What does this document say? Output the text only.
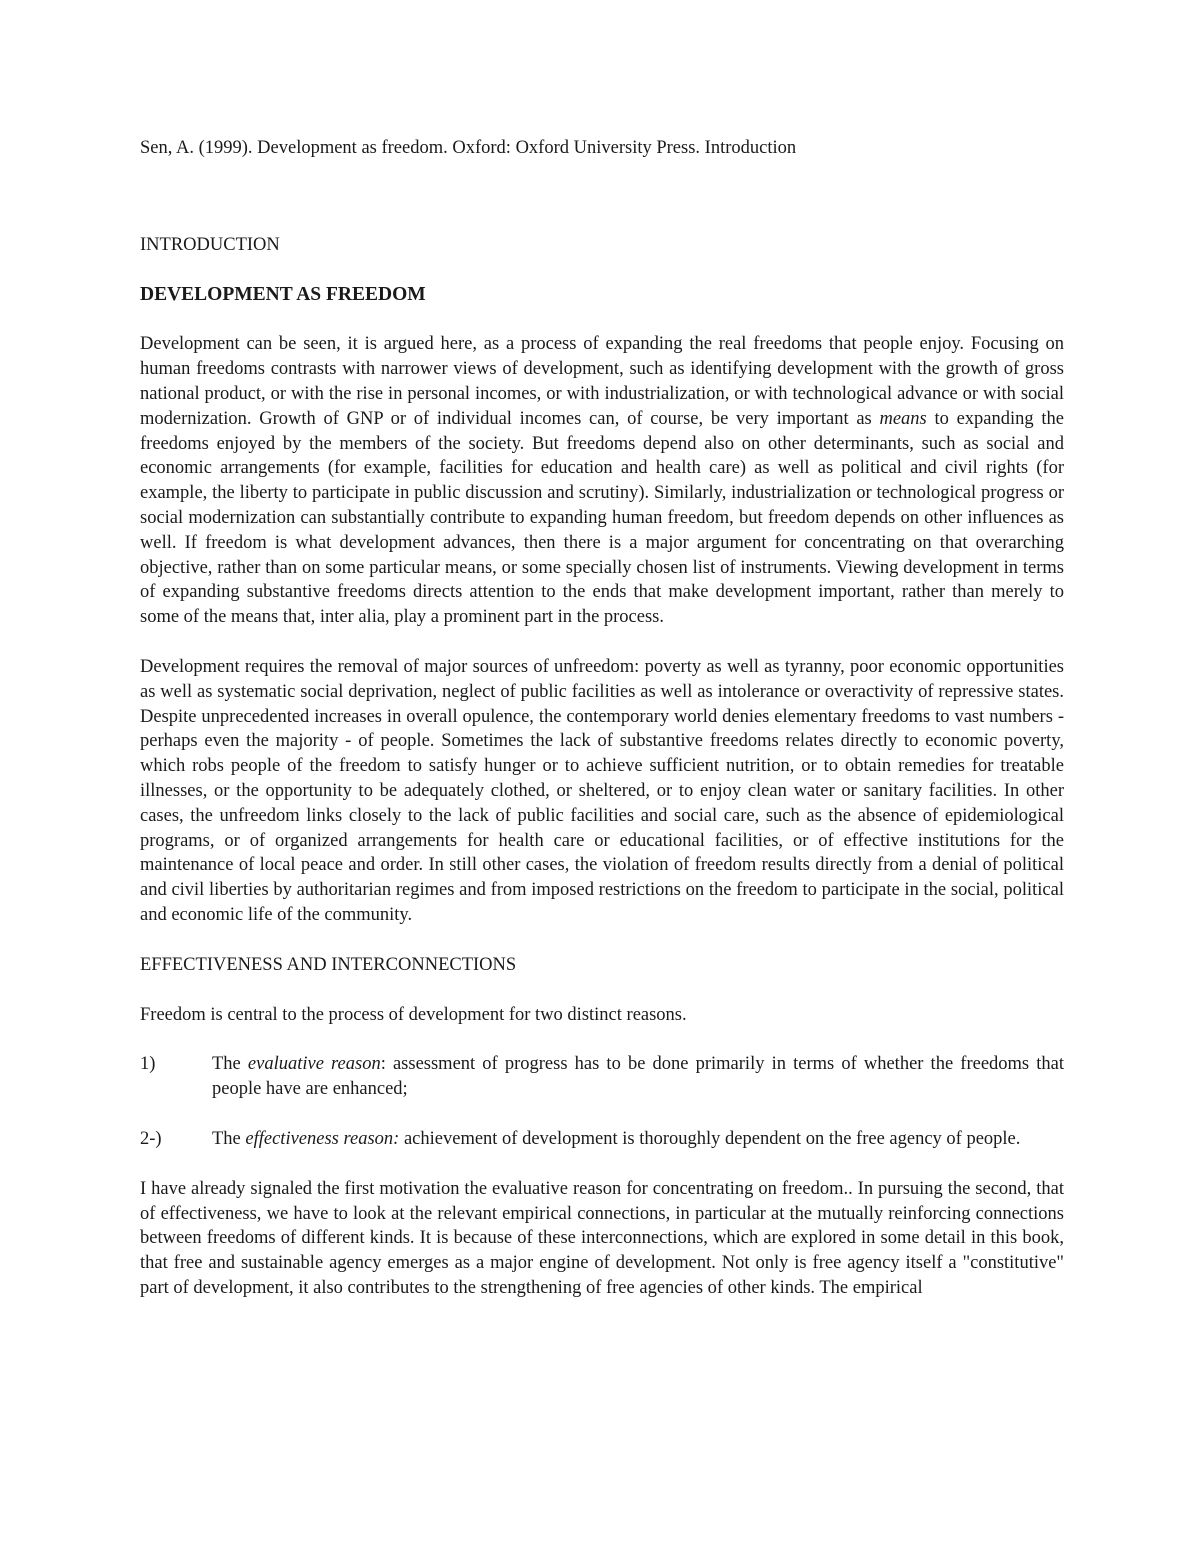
Sen, A. (1999). Development as freedom. Oxford: Oxford University Press. Introduction
INTRODUCTION
DEVELOPMENT AS FREEDOM

Development can be seen, it is argued here, as a process of expanding the real freedoms that people enjoy. Focusing on human freedoms contrasts with narrower views of development, such as identifying development with the growth of gross national product, or with the rise in personal incomes, or with industrialization, or with technological advance or with social modernization. Growth of GNP or of individual incomes can, of course, be very important as means to expanding the freedoms enjoyed by the members of the society. But freedoms depend also on other determinants, such as social and economic arrangements (for example, facilities for education and health care) as well as political and civil rights (for example, the liberty to participate in public discussion and scrutiny). Similarly, industrialization or technological progress or social modernization can substantially contribute to expanding human freedom, but freedom depends on other influences as well. If freedom is what development advances, then there is a major argument for concentrating on that overarching objective, rather than on some particular means, or some specially chosen list of instruments. Viewing development in terms of expanding substantive freedoms directs attention to the ends that make development important, rather than merely to some of the means that, inter alia, play a prominent part in the process.

Development requires the removal of major sources of unfreedom: poverty as well as tyranny, poor economic opportunities as well as systematic social deprivation, neglect of public facilities as well as intolerance or overactivity of repressive states. Despite unprecedented increases in overall opulence, the contemporary world denies elementary freedoms to vast numbers - perhaps even the majority - of people. Sometimes the lack of substantive freedoms relates directly to economic poverty, which robs people of the freedom to satisfy hunger or to achieve sufficient nutrition, or to obtain remedies for treatable illnesses, or the opportunity to be adequately clothed, or sheltered, or to enjoy clean water or sanitary facilities. In other cases, the unfreedom links closely to the lack of public facilities and social care, such as the absence of epidemiological programs, or of organized arrangements for health care or educational facilities, or of effective institutions for the maintenance of local peace and order. In still other cases, the violation of freedom results directly from a denial of political and civil liberties by authoritarian regimes and from imposed restrictions on the freedom to participate in the social, political and economic life of the community.

EFFECTIVENESS AND INTERCONNECTIONS

Freedom is central to the process of development for two distinct reasons.

1)	The evaluative reason: assessment of progress has to be done primarily in terms of whether the freedoms that people have are enhanced;
2-)	The effectiveness reason: achievement of development is thoroughly dependent on the free agency of people.

I have already signaled the first motivation the evaluative reason for concentrating on freedom.. In pursuing the second, that of effectiveness, we have to look at the relevant empirical connections, in particular at the mutually reinforcing connections between freedoms of different kinds. It is because of these interconnections, which are explored in some detail in this book, that free and sustainable agency emerges as a major engine of development. Not only is free agency itself a "constitutive" part of development, it also contributes to the strengthening of free agencies of other kinds. The empirical
